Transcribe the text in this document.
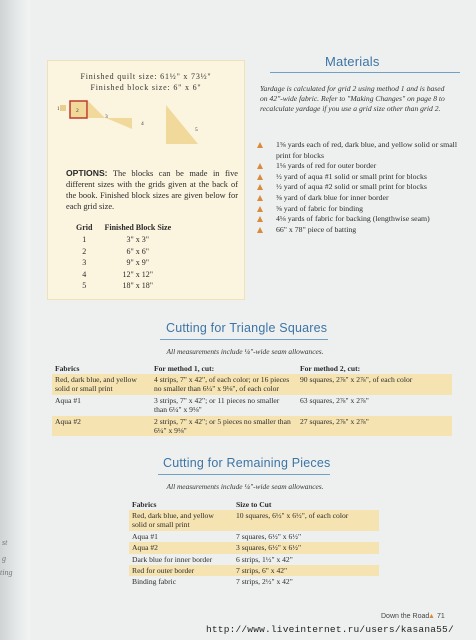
st
g
ting
Finished quilt size: 61½" x 73½"
Finished block size: 6" x 6"
1	2
3
4
5
OPTIONS: The blocks can be made in five different sizes with the grids given at the back of the book. Finished block sizes are given below for each grid size.
Grid	Finished Block Size
1	3" x 3"
2	6" x 6"
3	9" x 9"
4	12" x 12"
5	18" x 18"
Materials
Yardage is calculated for grid 2 using method 1 and is based on 42"-wide fabric. Refer to "Making Changes" on page 8 to recalculate yardage if you use a grid size other than grid 2.
1⅝ yards each of red, dark blue, and yellow solid or small print for blocks
1⅛ yards of red for outer border
½ yard of aqua #1 solid or small print for blocks
½ yard of aqua #2 solid or small print for blocks
⅜ yard of dark blue for inner border
⅝ yard of fabric for binding
4⅛ yards of fabric for backing (lengthwise seam)
66" x 78" piece of batting
Cutting for Triangle Squares
All measurements include ¼"-wide seam allowances.
Fabrics	For method 1, cut:	For method 2, cut:
Red, dark blue, and yellow solid or small print	4 strips, 7" x 42", of each color; or 16 pieces no smaller than 6¼" x 9⅛", of each color	90 squares, 2⅞" x 2⅞", of each color
Aqua #1	3 strips, 7" x 42"; or 11 pieces no smaller than 6¼" x 9⅛"	63 squares, 2⅞" x 2⅞"
Aqua #2	2 strips, 7" x 42"; or 5 pieces no smaller than 6¼" x 9⅛"	27 squares, 2⅞" x 2⅞"
Cutting for Remaining Pieces
All measurements include ¼"-wide seam allowances.
Fabrics	Size to Cut
Red, dark blue, and yellow solid or small print	10 squares, 6½" x 6½", of each color
Aqua #1	7 squares, 6½" x 6½"
Aqua #2	3 squares, 6½" x 6½"
Dark blue for inner border	6 strips, 1½" x 42"
Red for outer border	7 strips, 6" x 42"
Binding fabric	7 strips, 2½" x 42"
Down the Road
▲ 71
http://www.liveinternet.ru/users/kasana55/
